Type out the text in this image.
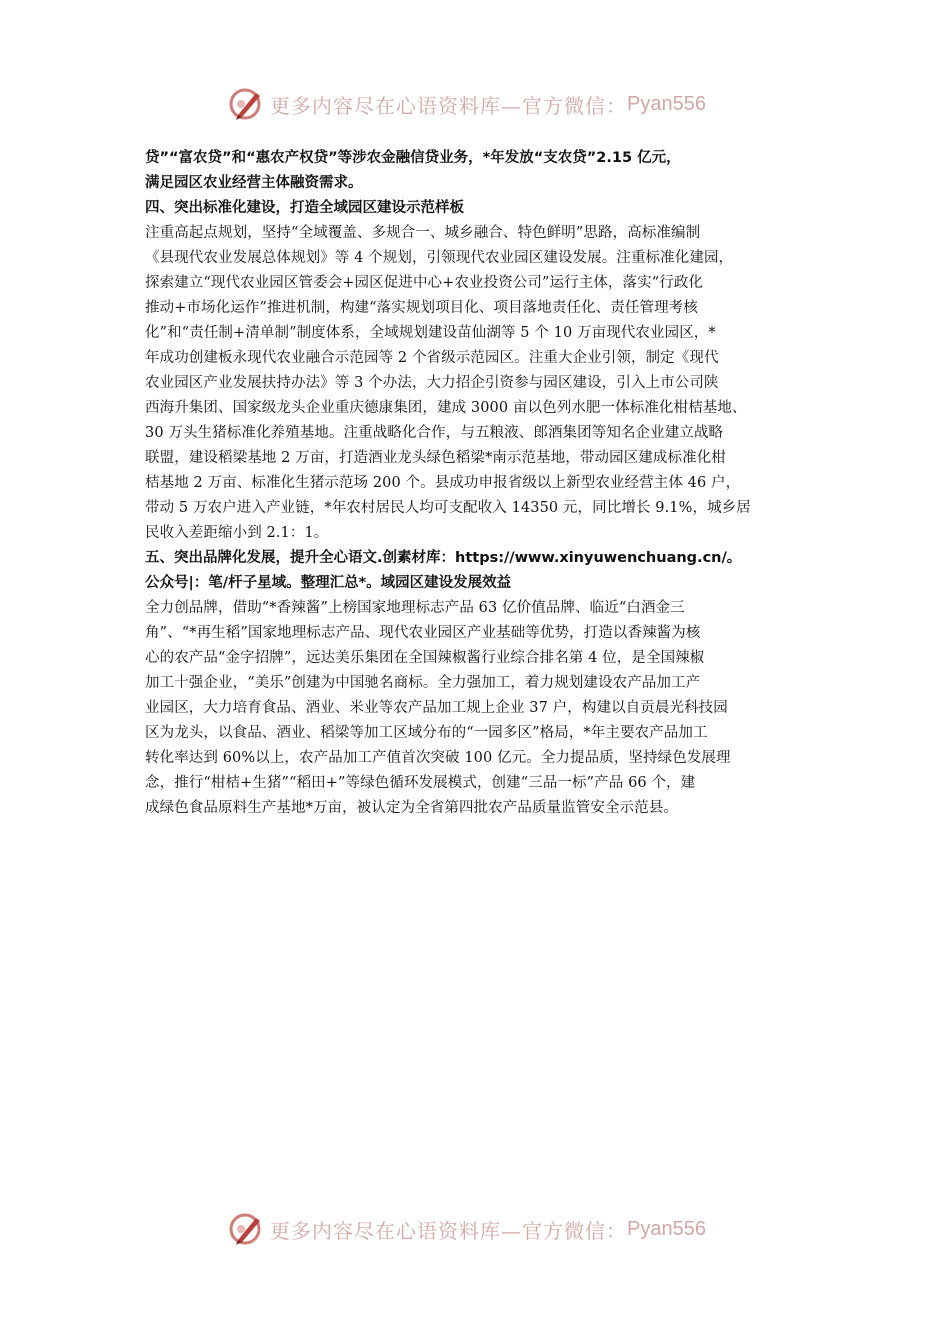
更多内容尽在心语资料库—官方微信： Pyan556
贷”“富农贷”和“惠农产权贷”等涉农金融信贷业务，*年发放“支农贷”2.15 亿元，
满足园区农业经营主体融资需求。
四、突出标准化建设，打造全域园区建设示范样板
注重高起点规划，坚持“全域覆盖、多规合一、城乡融合、特色鲜明”思路，高标准编制
《县现代农业发展总体规划》等 4 个规划，引领现代农业园区建设发展。注重标准化建园，
探索建立“现代农业园区管委会+园区促进中心+农业投资公司”运行主体，落实“行政化
推动+市场化运作”推进机制，构建“落实规划项目化、项目落地责任化、责任管理考核
化”和“责任制+清单制”制度体系，全域规划建设苗仙湖等 5 个 10 万亩现代农业园区，*
年成功创建板永现代农业融合示范园等 2 个省级示范园区。注重大企业引领，制定《现代
农业园区产业发展扶持办法》等 3 个办法，大力招企引资参与园区建设，引入上市公司陕
西海升集团、国家级龙头企业重庆德康集团，建成 3000 亩以色列水肥一体标准化柑桔基地、
30 万头生猪标准化养殖基地。注重战略化合作，与五粮液、郎酒集团等知名企业建立战略
联盟，建设稻梁基地 2 万亩，打造酒业龙头绿色稻梁*南示范基地，带动园区建成标准化柑
桔基地 2 万亩、标准化生猪示范场 200 个。县成功申报省级以上新型农业经营主体 46 户，
带动 5 万农户进入产业链，*年农村居民人均可支配收入 14350 元，同比增长 9.1%，城乡居
民收入差距缩小到 2.1：1。
五、突出品牌化发展，提升全心语文.创素材库：https://www.xinyuwenchuang.cn/。
公众号|：笔/杆子星域。整理汇总*。域园区建设发展效益
全力创品牌，借助“*香辣酱”上榜国家地理标志产品 63 亿价值品牌、临近“白酒金三
角”、“*再生稻”国家地理标志产品、现代农业园区产业基础等优势，打造以香辣酱为核
心的农产品“金字招牌”，远达美乐集团在全国辣椒酱行业综合排名第 4 位，是全国辣椒
加工十强企业，“美乐”创建为中国驰名商标。全力强加工，着力规划建设农产品加工产
业园区，大力培育食品、酒业、米业等农产品加工规上企业 37 户，构建以自贡晨光科技园
区为龙头，以食品、酒业、稻梁等加工区域分布的“一园多区”格局，*年主要农产品加工
转化率达到 60%以上，农产品加工产值首次突破 100 亿元。全力提品质，坚持绿色发展理
念，推行“柑桔+生猪”“稻田+”等绿色循环发展模式，创建“三品一标”产品 66 个，建
成绿色食品原料生产基地*万亩，被认定为全省第四批农产品质量监管安全示范县。
更多内容尽在心语资料库—官方微信： Pyan556
